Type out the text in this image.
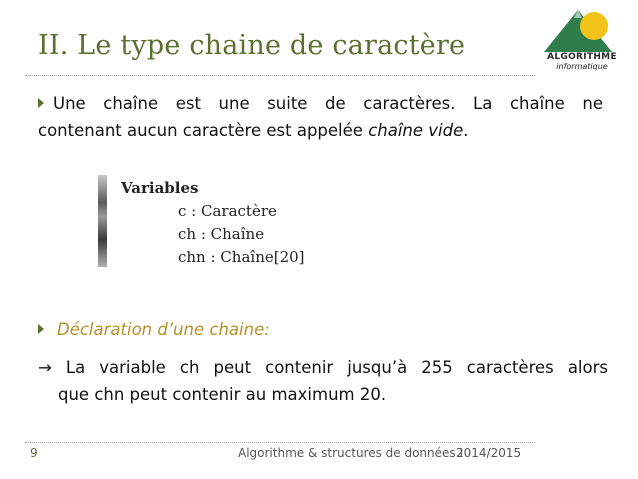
II. Le type chaine de caractère	ALGORITHME
informatique
Une chaîne est une suite de caractères. La chaîne ne
contenant aucun caractère est appelée chaîne vide.
Variables
c : Caractère
ch : Chaîne
chn : Chaîne[20]
Déclaration d’une chaine:
→ La variable ch peut contenir jusqu’à 255 caractères alors
que chn peut contenir au maximum 20.
9	Algorithme & structures de données I
2014/2015
